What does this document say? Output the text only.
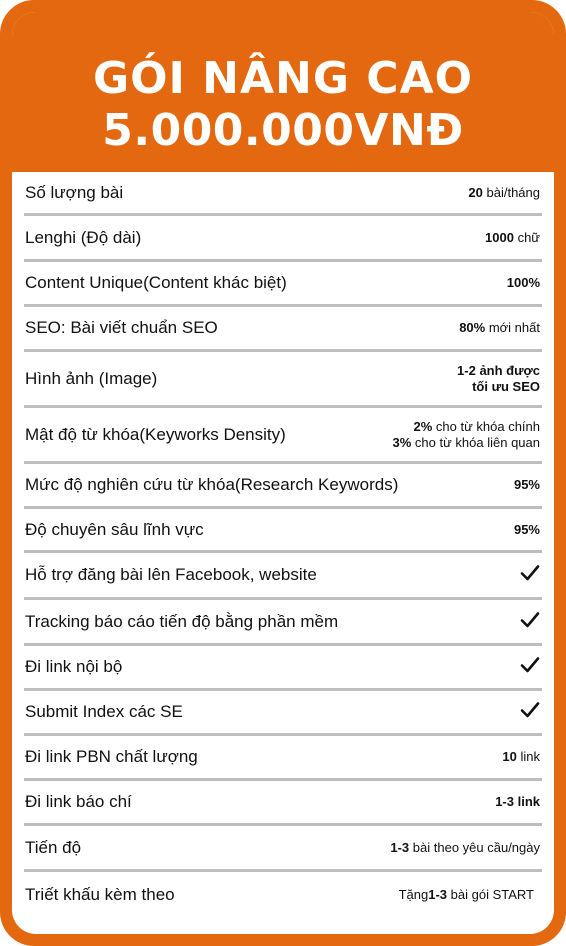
GÓI NÂNG CAO
5.000.000VNĐ
Số lượng bài	20 bài/tháng
Lenghi (Độ dài)	1000 chữ
Content Unique(Content khác biệt)	100%
SEO: Bài viết chuẩn SEO	80% mới nhất
Hình ảnh (Image)	1-2 ảnh được
tối ưu SEO
Mật độ từ khóa(Keyworks Density)	2% cho từ khóa chính
3% cho từ khóa liên quan
Mức độ nghiên cứu từ khóa(Research Keywords)	95%
Độ chuyên sâu lĩnh vực	95%
Hỗ trợ đăng bài lên Facebook, website
Tracking báo cáo tiến độ bằng phần mềm
Đi link nội bộ
Submit Index các SE
Đi link PBN chất lượng	10 link
Đi link báo chí	1-3 link
Tiến độ	1-3 bài theo yêu cầu/ngày
Triết khấu kèm theo	Tặng1-3 bài gói START
